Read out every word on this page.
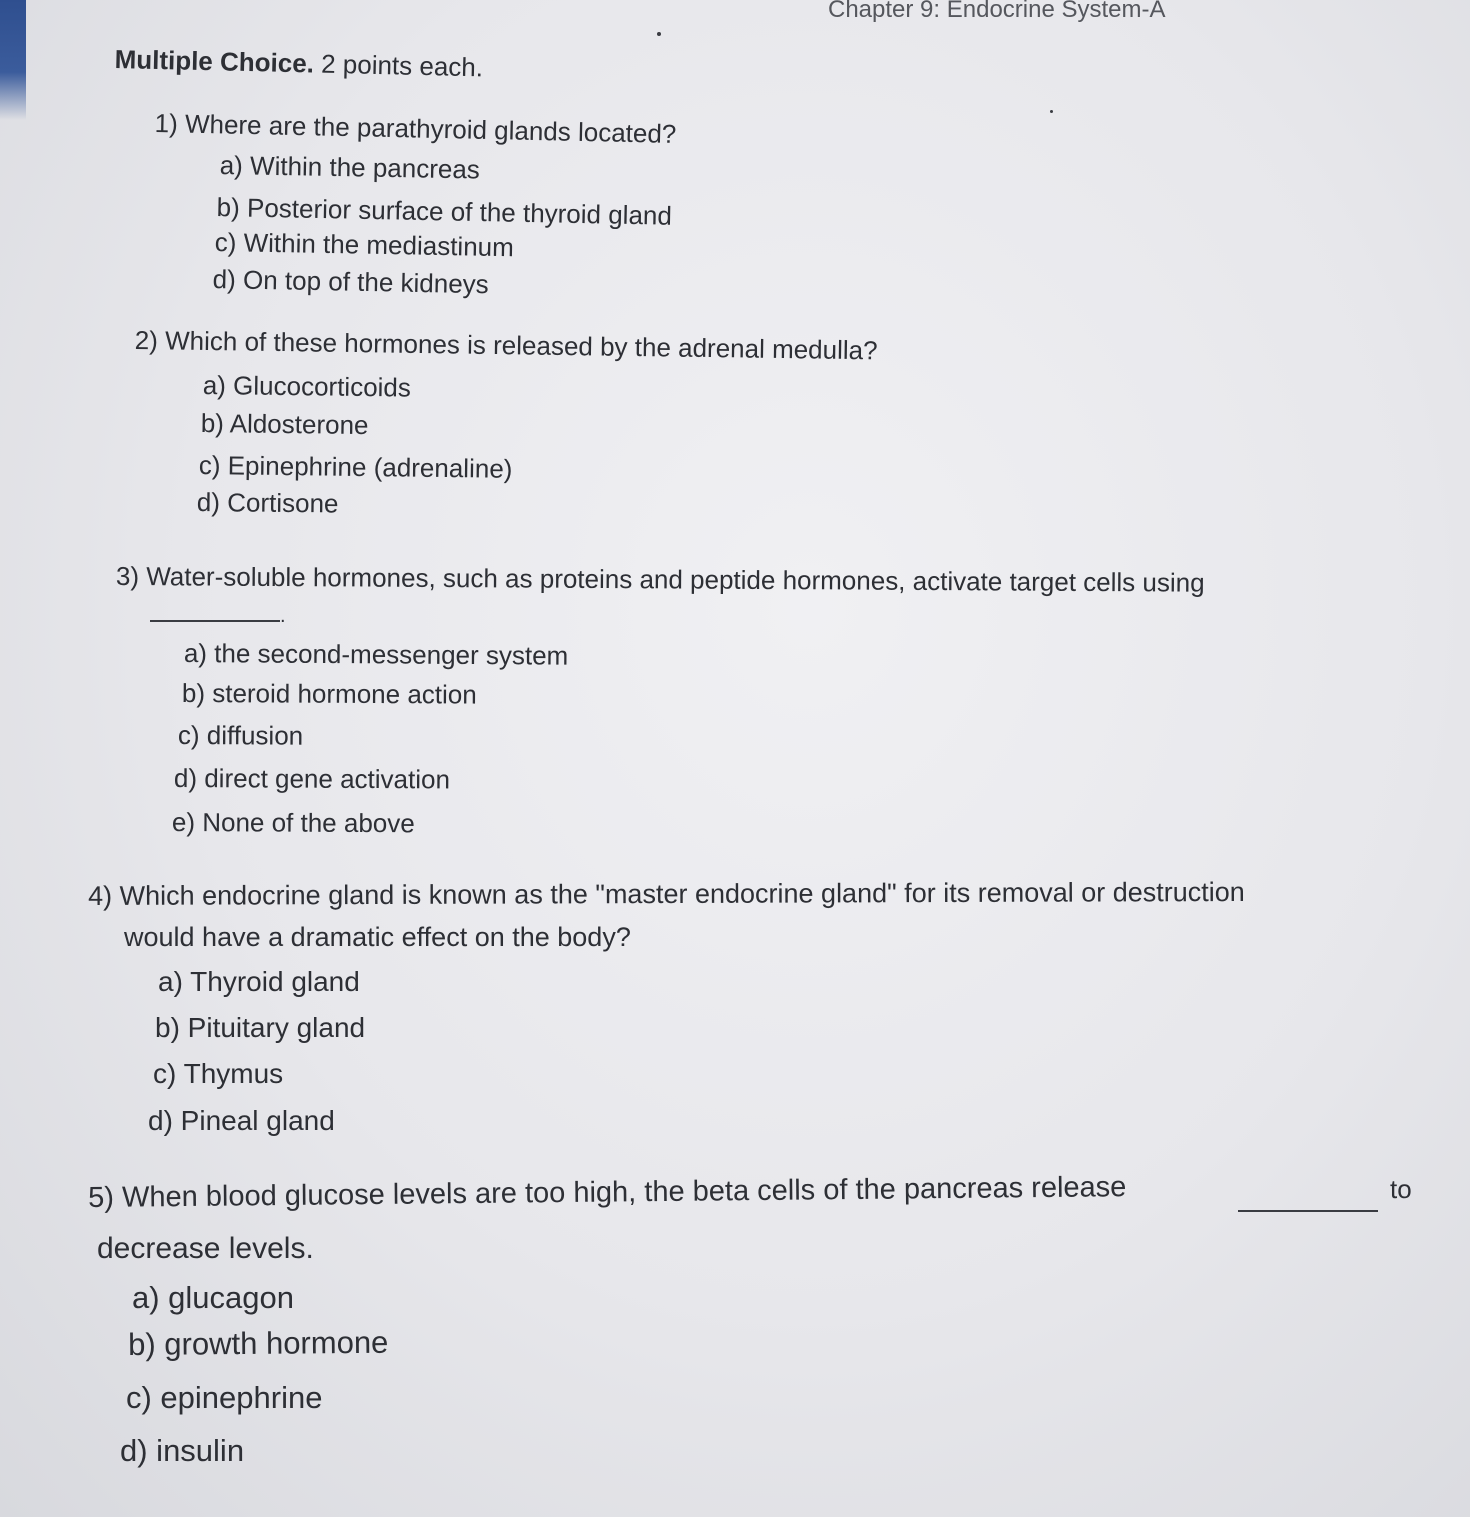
Chapter 9: Endocrine System-A
Multiple Choice. 2 points each.
1) Where are the parathyroid glands located?
a) Within the pancreas
b) Posterior surface of the thyroid gland
c) Within the mediastinum
d) On top of the kidneys
2) Which of these hormones is released by the adrenal medulla?
a) Glucocorticoids
b) Aldosterone
c) Epinephrine (adrenaline)
d) Cortisone
3) Water-soluble hormones, such as proteins and peptide hormones, activate target cells using
.
a) the second-messenger system
b) steroid hormone action
c) diffusion
d) direct gene activation
e) None of the above
4) Which endocrine gland is known as the "master endocrine gland" for its removal or destruction
would have a dramatic effect on the body?
a) Thyroid gland
b) Pituitary gland
c) Thymus
d) Pineal gland
5) When blood glucose levels are too high, the beta cells of the pancreas release	to
decrease levels.
a) glucagon
b) growth hormone
c) epinephrine
d) insulin
